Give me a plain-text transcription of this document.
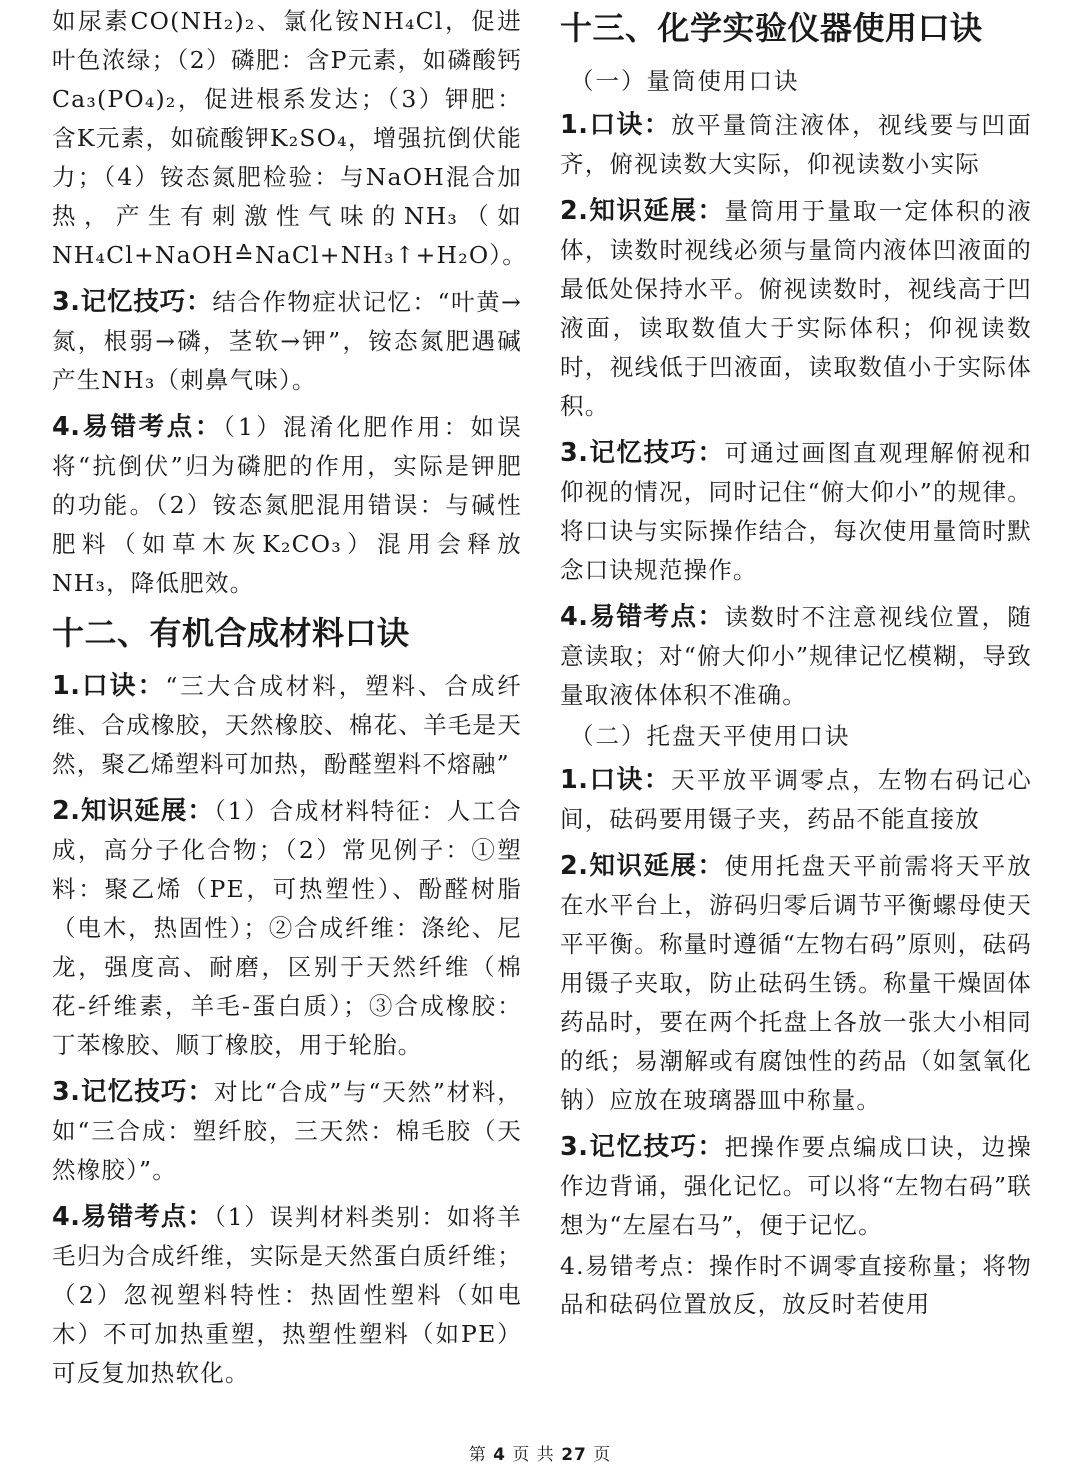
如尿素CO(NH₂)₂、氯化铵NH₄Cl，促进叶色浓绿；（2）磷肥：含P元素，如磷酸钙Ca₃(PO₄)₂，促进根系发达；（3）钾肥：含K元素，如硫酸钾K₂SO₄，增强抗倒伏能力；（4）铵态氮肥检验：与NaOH混合加热，产生有刺激性气味的NH₃（如NH₄Cl+NaOH≙NaCl+NH₃↑+H₂O）。

3.记忆技巧：结合作物症状记忆：“叶黄→氮，根弱→磷，茎软→钾”，铵态氮肥遇碱产生NH₃（刺鼻气味）。

4.易错考点：（1）混淆化肥作用：如误将“抗倒伏”归为磷肥的作用，实际是钾肥的功能。（2）铵态氮肥混用错误：与碱性肥料（如草木灰K₂CO₃）混用会释放NH₃，降低肥效。

十二、有机合成材料口诀

1.口诀：“三大合成材料，塑料、合成纤维、合成橡胶，天然橡胶、棉花、羊毛是天然，聚乙烯塑料可加热，酚醛塑料不熔融”

2.知识延展：（1）合成材料特征：人工合成，高分子化合物；（2）常见例子：①塑料：聚乙烯（PE，可热塑性）、酚醛树脂（电木，热固性）；②合成纤维：涤纶、尼龙，强度高、耐磨，区别于天然纤维（棉花-纤维素，羊毛-蛋白质）；③合成橡胶：丁苯橡胶、顺丁橡胶，用于轮胎。

3.记忆技巧：对比“合成”与“天然”材料，如“三合成：塑纤胶，三天然：棉毛胶（天然橡胶）”。

4.易错考点：（1）误判材料类别：如将羊毛归为合成纤维，实际是天然蛋白质纤维；（2）忽视塑料特性：热固性塑料（如电木）不可加热重塑，热塑性塑料（如PE）可反复加热软化。

十三、化学实验仪器使用口诀
（一）量筒使用口诀

1.口诀：放平量筒注液体，视线要与凹面齐，俯视读数大实际，仰视读数小实际

2.知识延展：量筒用于量取一定体积的液体，读数时视线必须与量筒内液体凹液面的最低处保持水平。俯视读数时，视线高于凹液面，读取数值大于实际体积；仰视读数时，视线低于凹液面，读取数值小于实际体积。

3.记忆技巧：可通过画图直观理解俯视和仰视的情况，同时记住“俯大仰小”的规律。将口诀与实际操作结合，每次使用量筒时默念口诀规范操作。

4.易错考点：读数时不注意视线位置，随意读取；对“俯大仰小”规律记忆模糊，导致量取液体体积不准确。

（二）托盘天平使用口诀

1.口诀：天平放平调零点，左物右码记心间，砝码要用镊子夹，药品不能直接放

2.知识延展：使用托盘天平前需将天平放在水平台上，游码归零后调节平衡螺母使天平平衡。称量时遵循“左物右码”原则，砝码用镊子夹取，防止砝码生锈。称量干燥固体药品时，要在两个托盘上各放一张大小相同的纸；易潮解或有腐蚀性的药品（如氢氧化钠）应放在玻璃器皿中称量。

3.记忆技巧：把操作要点编成口诀，边操作边背诵，强化记忆。可以将“左物右码”联想为“左屋右马”，便于记忆。

4.易错考点：操作时不调零直接称量；将物品和砝码位置放反，放反时若使用

第 4 页 共 27 页
